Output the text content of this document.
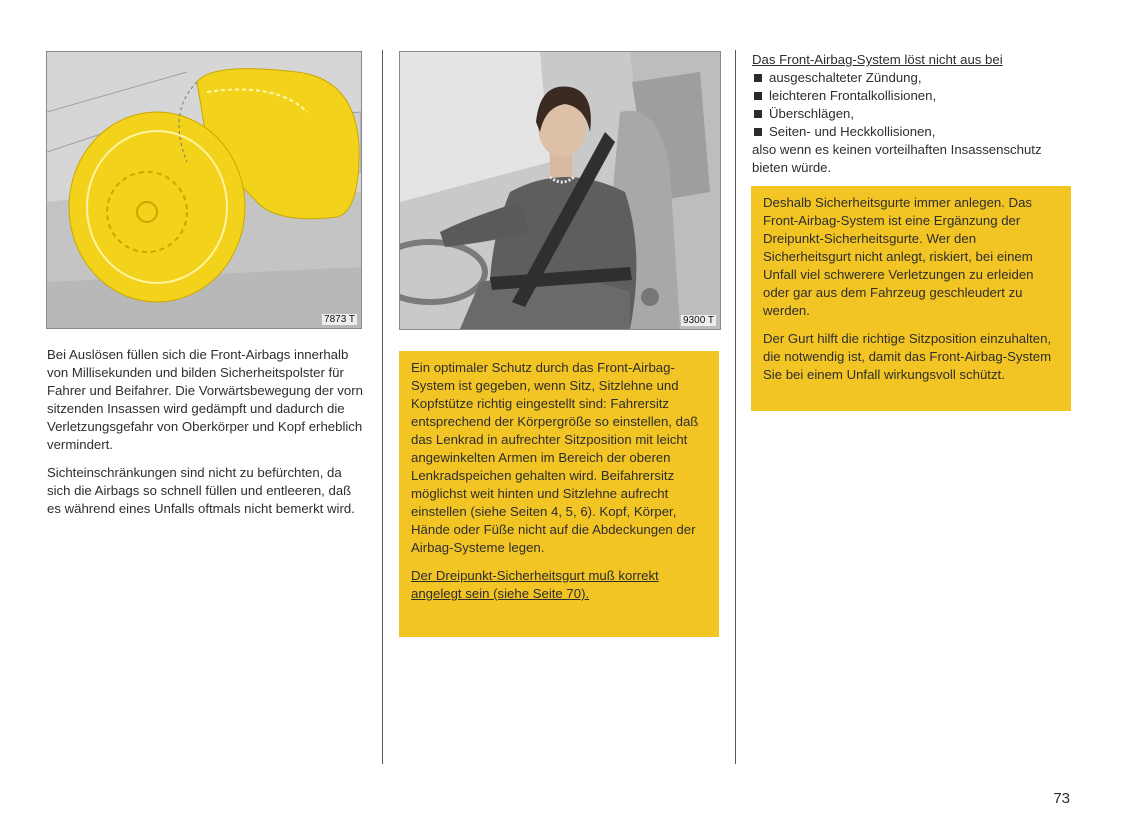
7873 T	9300 T

Bei Auslösen füllen sich die Front-Airbags innerhalb von Millisekunden und bilden Sicherheitspolster für Fahrer und Beifahrer. Die Vorwärtsbewegung der vorn sitzenden Insassen wird gedämpft und dadurch die Verletzungsgefahr von Oberkörper und Kopf erheblich vermindert.

Sichteinschränkungen sind nicht zu befürchten, da sich die Airbags so schnell füllen und entleeren, daß es während eines Unfalls oftmals nicht bemerkt wird.

Ein optimaler Schutz durch das Front-Airbag-System ist gegeben, wenn Sitz, Sitzlehne und Kopfstütze richtig eingestellt sind: Fahrersitz entsprechend der Körpergröße so einstellen, daß das Lenkrad in aufrechter Sitzposition mit leicht angewinkelten Armen im Bereich der oberen Lenkradspeichen gehalten wird. Beifahrersitz möglichst weit hinten und Sitzlehne aufrecht einstellen (siehe Seiten 4, 5, 6). Kopf, Körper, Hände oder Füße nicht auf die Abdeckungen der Airbag-Systeme legen.

Der Dreipunkt-Sicherheitsgurt muß korrekt angelegt sein (siehe Seite 70).

Das Front-Airbag-System löst nicht aus bei
ausgeschalteter Zündung,
leichteren Frontalkollisionen,
Überschlägen,
Seiten- und Heckkollisionen,
also wenn es keinen vorteilhaften Insassenschutz bieten würde.

Deshalb Sicherheitsgurte immer anlegen. Das Front-Airbag-System ist eine Ergänzung der Dreipunkt-Sicherheitsgurte. Wer den Sicherheitsgurt nicht anlegt, riskiert, bei einem Unfall viel schwerere Verletzungen zu erleiden oder gar aus dem Fahrzeug geschleudert zu werden.

Der Gurt hilft die richtige Sitzposition einzuhalten, die notwendig ist, damit das Front-Airbag-System Sie bei einem Unfall wirkungsvoll schützt.

73
